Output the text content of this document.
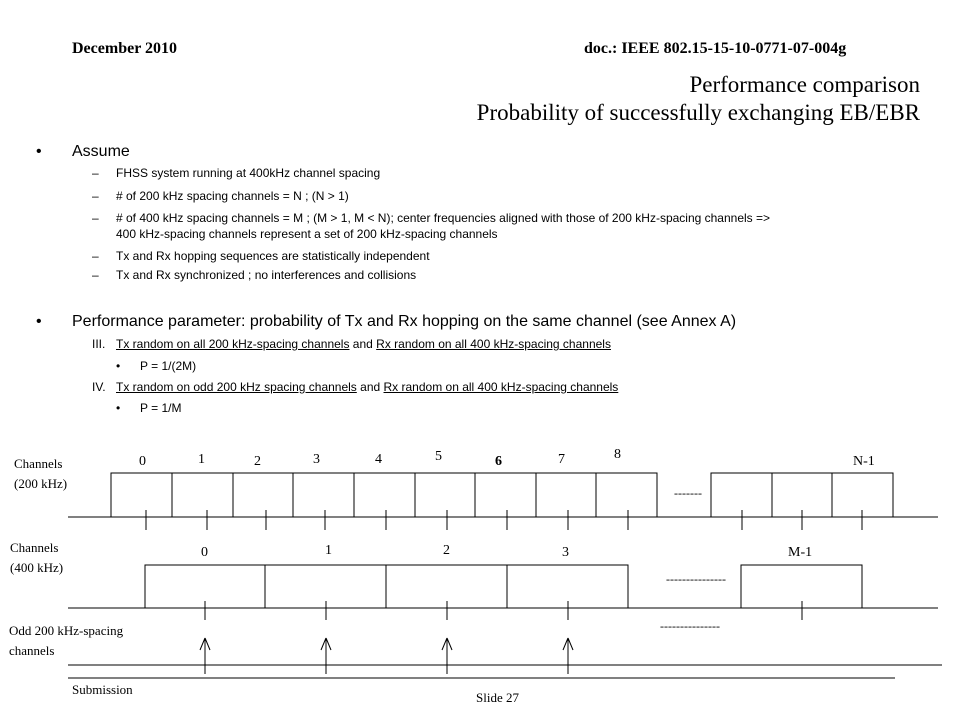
December 2010	doc.: IEEE 802.15-15-10-0771-07-004g
Performance comparison
Probability of successfully exchanging EB/EBR
• Assume
– FHSS system running at 400kHz channel spacing
– # of 200 kHz spacing channels = N ; (N > 1)
– # of 400 kHz spacing channels = M ; (M > 1, M < N); center frequencies aligned with those of 200 kHz-spacing channels =>
400 kHz-spacing channels represent a set of 200 kHz-spacing channels
– Tx and Rx hopping sequences are statistically independent
– Tx and Rx synchronized ; no interferences and collisions
• Performance parameter: probability of Tx and Rx hopping on the same channel (see Annex A)
III. Tx random on all 200 kHz-spacing channels and Rx random on all 400 kHz-spacing channels
• P = 1/(2M)
IV. Tx random on odd 200 kHz spacing channels and Rx random on all 400 kHz-spacing channels
• P = 1/M
Channels
(200 kHz)
Channels
(400 kHz)
Odd 200 kHz-spacing
channels
0	1	2	3	4	5	6	7	8	N-1
-------
0	1	2	3	M-1
---------------
---------------
Submission
Slide 27
